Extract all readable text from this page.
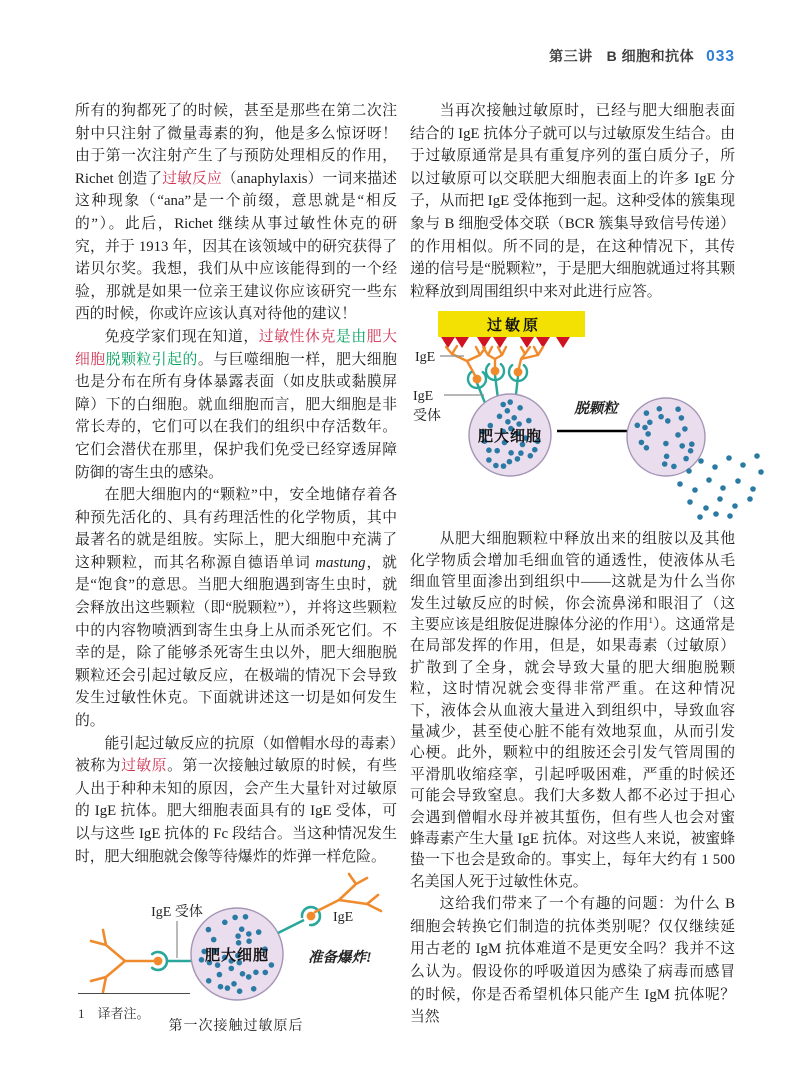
第三讲 B 细胞和抗体 033

所有的狗都死了的时候，甚至是那些在第二次注射中只注射了微量毒素的狗，他是多么惊讶呀！由于第一次注射产生了与预防处理相反的作用，Richet 创造了过敏反应（anaphylaxis）一词来描述这种现象（“ana”是一个前缀，意思就是“相反的”）。此后，Richet 继续从事过敏性休克的研究，并于 1913 年，因其在该领域中的研究获得了诺贝尔奖。我想，我们从中应该能得到的一个经验，那就是如果一位亲王建议你应该研究一些东西的时候，你或许应该认真对待他的建议！

免疫学家们现在知道，过敏性休克是由肥大细胞脱颗粒引起的。与巨噬细胞一样，肥大细胞也是分布在所有身体暴露表面（如皮肤或黏膜屏障）下的白细胞。就血细胞而言，肥大细胞是非常长寿的，它们可以在我们的组织中存活数年。它们会潜伏在那里，保护我们免受已经穿透屏障防御的寄生虫的感染。

在肥大细胞内的“颗粒”中，安全地储存着各种预先活化的、具有药理活性的化学物质，其中最著名的就是组胺。实际上，肥大细胞中充满了这种颗粒，而其名称源自德语单词 mastung，就是“饱食”的意思。当肥大细胞遇到寄生虫时，就会释放出这些颗粒（即“脱颗粒”），并将这些颗粒中的内容物喷洒到寄生虫身上从而杀死它们。不幸的是，除了能够杀死寄生虫以外，肥大细胞脱颗粒还会引起过敏反应，在极端的情况下会导致发生过敏性休克。下面就讲述这一切是如何发生的。

能引起过敏反应的抗原（如僧帽水母的毒素）被称为过敏原。第一次接触过敏原的时候，有些人出于种种未知的原因，会产生大量针对过敏原的 IgE 抗体。肥大细胞表面具有的 IgE 受体，可以与这些 IgE 抗体的 Fc 段结合。当这种情况发生时，肥大细胞就会像等待爆炸的炸弹一样危险。

IgE 受体
肥大细胞
IgE
准备爆炸!
第一次接触过敏原后

当再次接触过敏原时，已经与肥大细胞表面结合的 IgE 抗体分子就可以与过敏原发生结合。由于过敏原通常是具有重复序列的蛋白质分子，所以过敏原可以交联肥大细胞表面上的许多 IgE 分子，从而把 IgE 受体拖到一起。这种受体的簇集现象与 B 细胞受体交联（BCR 簇集导致信号传递）的作用相似。所不同的是，在这种情况下，其传递的信号是“脱颗粒”，于是肥大细胞就通过将其颗粒释放到周围组织中来对此进行应答。

过敏原
IgE
IgE
受体
肥大细胞
脱颗粒

从肥大细胞颗粒中释放出来的组胺以及其他化学物质会增加毛细血管的通透性，使液体从毛细血管里面渗出到组织中——这就是为什么当你发生过敏反应的时候，你会流鼻涕和眼泪了（这主要应该是组胺促进腺体分泌的作用$^1$）。这通常是在局部发挥的作用，但是，如果毒素（过敏原）扩散到了全身，就会导致大量的肥大细胞脱颗粒，这时情况就会变得非常严重。在这种情况下，液体会从血液大量进入到组织中，导致血容量减少，甚至使心脏不能有效地泵血，从而引发心梗。此外，颗粒中的组胺还会引发气管周围的平滑肌收缩痉挛，引起呼吸困难，严重的时候还可能会导致窒息。我们大多数人都不必过于担心会遇到僧帽水母并被其蜇伤，但有些人也会对蜜蜂毒素产生大量 IgE 抗体。对这些人来说，被蜜蜂蛰一下也会是致命的。事实上，每年大约有 1 500 名美国人死于过敏性休克。

这给我们带来了一个有趣的问题：为什么 B 细胞会转换它们制造的抗体类别呢？仅仅继续延用古老的 IgM 抗体难道不是更安全吗？我并不这么认为。假设你的呼吸道因为感染了病毒而感冒的时候，你是否希望机体只能产生 IgM 抗体呢？当然

1　译者注。
